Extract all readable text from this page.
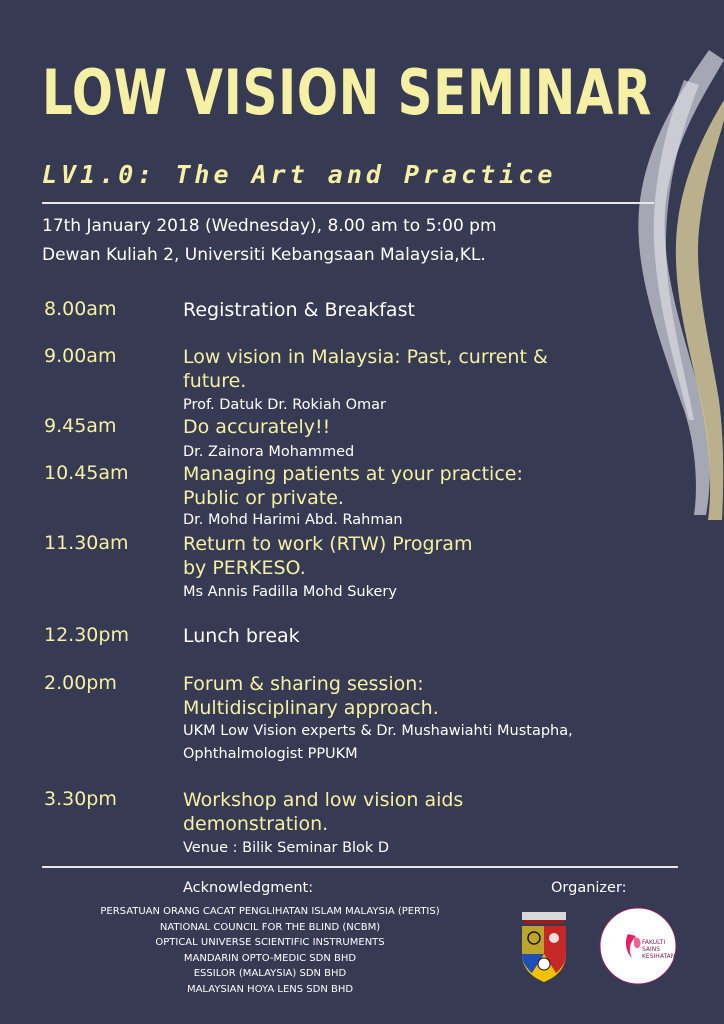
LOW VISION SEMINAR
LV1.0: The Art and Practice
17th January 2018 (Wednesday), 8.00 am to 5:00 pm
Dewan Kuliah 2, Universiti Kebangsaan Malaysia,KL.
8.00am	Registration & Breakfast
9.00am	Low vision in Malaysia: Past, current &
future.
Prof. Datuk Dr. Rokiah Omar
9.45am	Do accurately!!
Dr. Zainora Mohammed
10.45am	Managing patients at your practice:
Public or private.
Dr. Mohd Harimi Abd. Rahman
11.30am	Return to work (RTW) Program
by PERKESO.
Ms Annis Fadilla Mohd Sukery
12.30pm	Lunch break
2.00pm	Forum & sharing session:
Multidisciplinary approach.
UKM Low Vision experts & Dr. Mushawiahti Mustapha,
Ophthalmologist PPUKM
3.30pm	Workshop and low vision aids
demonstration.
Venue : Bilik Seminar Blok D
Acknowledgment:
PERSATUAN ORANG CACAT PENGLIHATAN ISLAM MALAYSIA (PERTIS)
NATIONAL COUNCIL FOR THE BLIND (NCBM)
OPTICAL UNIVERSE SCIENTIFIC INSTRUMENTS
MANDARIN OPTO-MEDIC SDN BHD
ESSILOR (MALAYSIA) SDN BHD
MALAYSIAN HOYA LENS SDN BHD
Organizer:
FAKULTI
SAINS
KESIHATAN
